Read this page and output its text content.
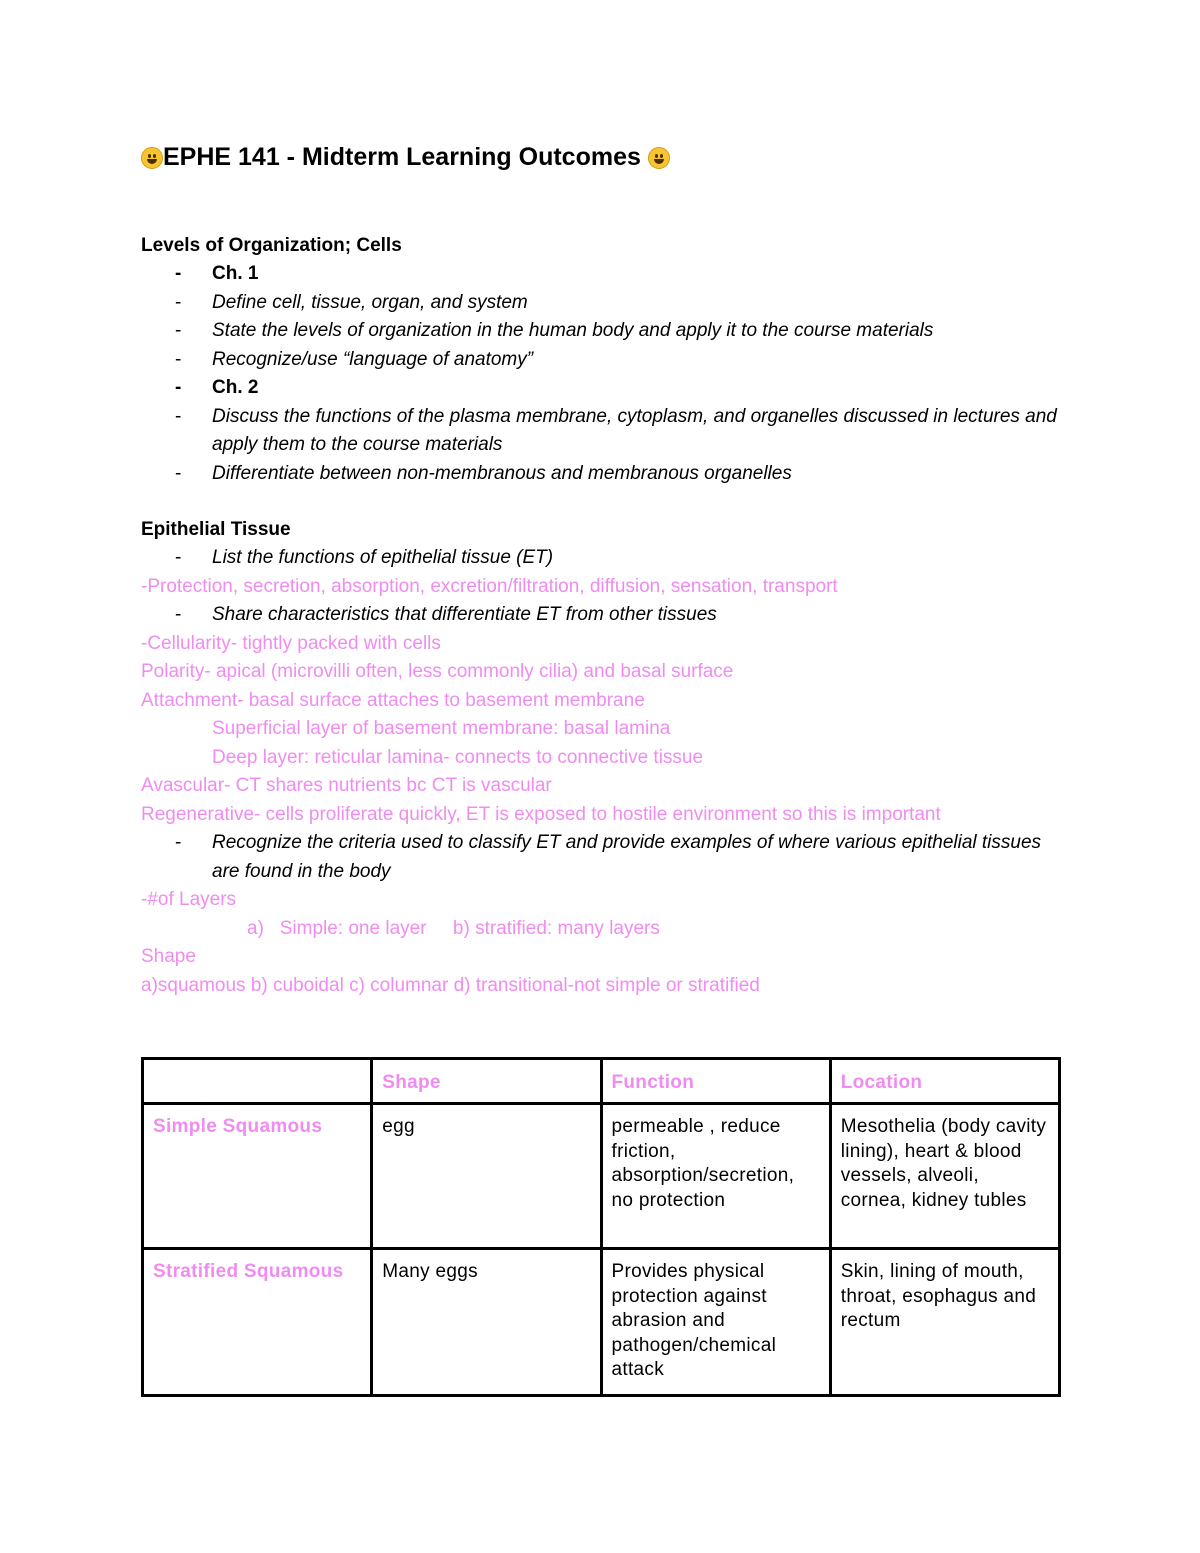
EPHE 141 - Midterm Learning Outcomes
Levels of Organization; Cells
- Ch. 1
- Define cell, tissue, organ, and system
- State the levels of organization in the human body and apply it to the course materials
- Recognize/use “language of anatomy”
- Ch. 2
- Discuss the functions of the plasma membrane, cytoplasm, and organelles discussed in lectures and apply them to the course materials
- Differentiate between non-membranous and membranous organelles
Epithelial Tissue
- List the functions of epithelial tissue (ET)
-Protection, secretion, absorption, excretion/filtration, diffusion, sensation, transport
- Share characteristics that differentiate ET from other tissues
-Cellularity- tightly packed with cells
Polarity- apical (microvilli often, less commonly cilia) and basal surface
Attachment- basal surface attaches to basement membrane
Superficial layer of basement membrane: basal lamina
Deep layer: reticular lamina- connects to connective tissue
Avascular- CT shares nutrients bc CT is vascular
Regenerative- cells proliferate quickly, ET is exposed to hostile environment so this is important
- Recognize the criteria used to classify ET and provide examples of where various epithelial tissues are found in the body
-#of Layers
a)   Simple: one layer     b) stratified: many layers
Shape
a)squamous b) cuboidal c) columnar d) transitional-not simple or stratified
	Shape	Function	Location
Simple Squamous	egg	permeable , reduce friction, absorption/secretion, no protection	Mesothelia (body cavity lining), heart & blood vessels, alveoli, cornea, kidney tubles
Stratified Squamous	Many eggs	Provides physical protection against abrasion and pathogen/chemical attack	Skin, lining of mouth, throat, esophagus and rectum
